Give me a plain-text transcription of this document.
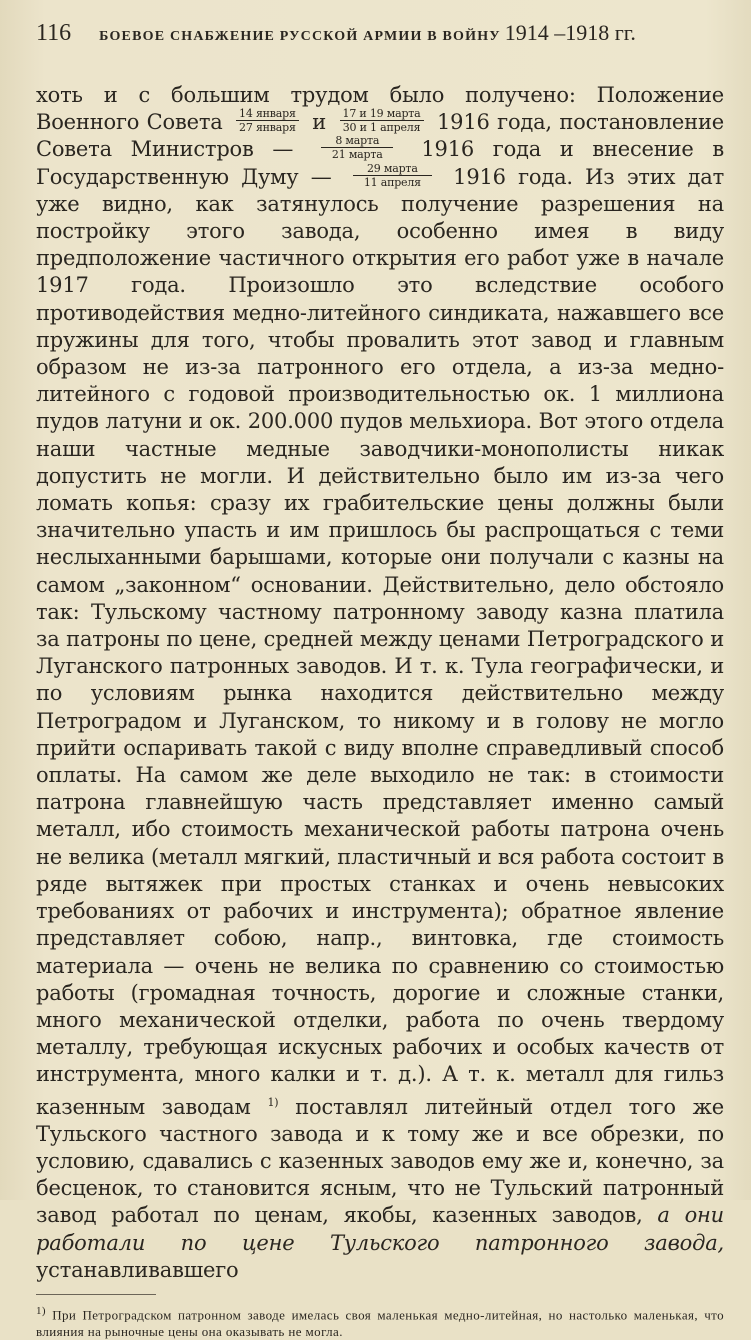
116 БОЕВОЕ СНАБЖЕНИЕ РУССКОЙ АРМИИ В ВОЙНУ 1914 –1918 гг.
хоть и с большим трудом было получено: Положение Военного Совета $\frac{\text{14 января}}{\text{27 января}}$ и $\frac{\text{17 и 19 марта}}{\text{30 и 1 апреля}} 1916$ года, постановление Совета Министров — $\frac{\text{8 марта}}{\text{21 марта}} 1916$ года и внесение в Государственную Думу — $\frac{\text{29 марта}}{\text{11 апреля}} 1916$ года. Из этих дат уже видно, как затянулось получение разрешения на постройку этого завода, особенно имея в виду предположение частичного открытия его работ уже в начале 1917 года. Произошло это вследствие особого противодействия медно-литейного синдиката, нажавшего все пружины для того, чтобы провалить этот завод и главным образом не из-за патронного его отдела, а из-за медно-литейного с годовой производительностью ок. 1 миллиона пудов латуни и ок. 200.000 пудов мельхиора. Вот этого отдела наши частные медные заводчики-монополисты никак допустить не могли. И действительно было им из-за чего ломать копья: сразу их грабительские цены должны были значительно упасть и им пришлось бы распрощаться с теми неслыханными барышами, которые они получали с казны на самом „законном“ основании. Действительно, дело обстояло так: Тульскому частному патронному заводу казна платила за патроны по цене, средней между ценами Петроградского и Луганского патронных заводов. И т. к. Тула географически, и по условиям рынка находится действительно между Петроградом и Луганском, то никому и в голову не могло прийти оспаривать такой с виду вполне справедливый способ оплаты. На самом же деле выходило не так: в стоимости патрона главнейшую часть представляет именно самый металл, ибо стоимость механической работы патрона очень не велика (металл мягкий, пластичный и вся работа состоит в ряде вытяжек при простых станках и очень невысоких требованиях от рабочих и инструмента); обратное явление представляет собою, напр., винтовка, где стоимость материала — очень не велика по сравнению со стоимостью работы (громадная точность, дорогие и сложные станки, много механической отделки, работа по очень твердому металлу, требующая искусных рабочих и особых качеств от инструмента, много калки и т. д.). А т. к. металл для гильз казенным заводам $^{1)}$ поставлял литейный отдел того же Тульского частного завода и к тому же и все обрезки, по условию, сдавались с казенных заводов ему же и, конечно, за бесценок, то становится ясным, что не Тульский патронный завод работал по ценам, якобы, казенных заводов, а они работали по цене Тульского патронного завода, устанавливавшего
$^{1)}$ При Петроградском патронном заводе имелась своя маленькая медно-литейная, но настолько маленькая, что влияния на рыночные цены она оказывать не могла.
